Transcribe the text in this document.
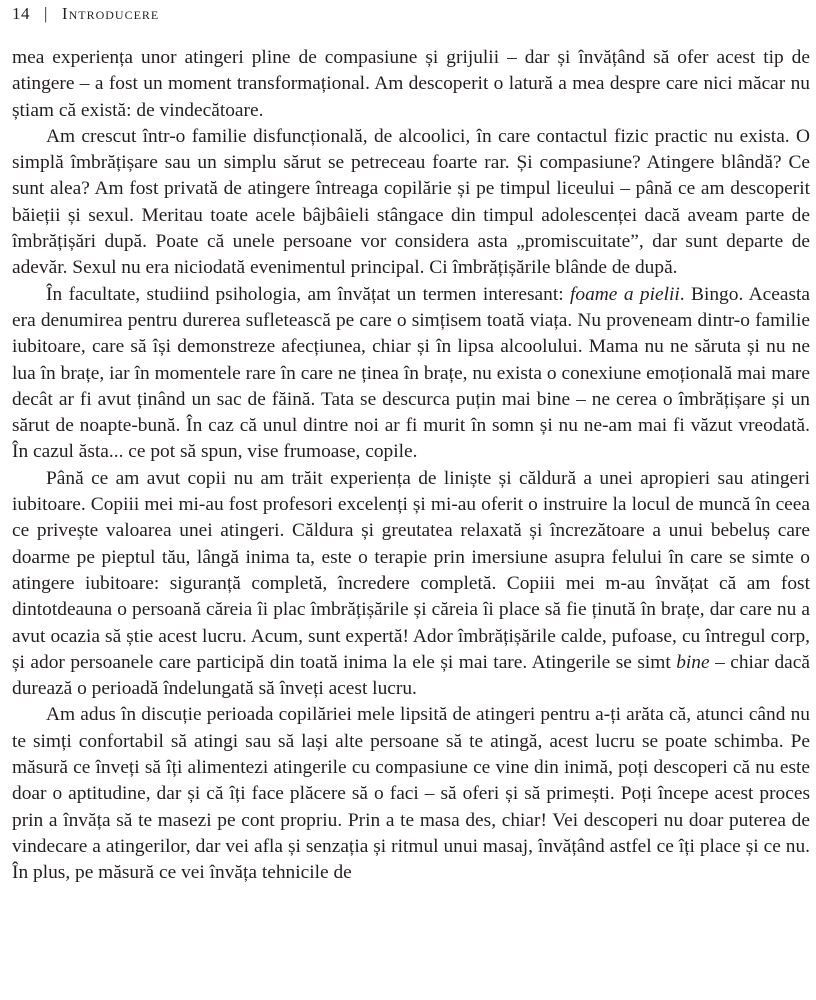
14 | Introducere

mea experiența unor atingeri pline de compasiune și grijulii – dar și învățând să ofer acest tip de atingere – a fost un moment transformațional. Am descoperit o latură a mea despre care nici măcar nu știam că există: de vindecătoare.

Am crescut într-o familie disfuncțională, de alcoolici, în care contactul fizic practic nu exista. O simplă îmbrățișare sau un simplu sărut se petreceau foarte rar. Și compasiune? Atingere blândă? Ce sunt alea? Am fost privată de atingere întreaga copilărie și pe timpul liceului – până ce am descoperit băieții și sexul. Meritau toate acele bâjbâieli stângace din timpul adolescenței dacă aveam parte de îmbrățișări după. Poate că unele persoane vor considera asta „promiscuitate”, dar sunt departe de adevăr. Sexul nu era niciodată evenimentul principal. Ci îmbrățișările blânde de după.

În facultate, studiind psihologia, am învățat un termen interesant: foame a pielii. Bingo. Aceasta era denumirea pentru durerea sufletească pe care o simțisem toată viața. Nu proveneam dintr-o familie iubitoare, care să își demonstreze afecțiunea, chiar și în lipsa alcoolului. Mama nu ne săruta și nu ne lua în brațe, iar în momentele rare în care ne ținea în brațe, nu exista o conexiune emoțională mai mare decât ar fi avut ținând un sac de făină. Tata se descurca puțin mai bine – ne cerea o îmbrățișare și un sărut de noapte-bună. În caz că unul dintre noi ar fi murit în somn și nu ne-am mai fi văzut vreodată. În cazul ăsta... ce pot să spun, vise frumoase, copile.

Până ce am avut copii nu am trăit experiența de liniște și căldură a unei apropieri sau atingeri iubitoare. Copiii mei mi-au fost profesori excelenți și mi-au oferit o instruire la locul de muncă în ceea ce privește valoarea unei atingeri. Căldura și greutatea relaxată și încrezătoare a unui bebeluș care doarme pe pieptul tău, lângă inima ta, este o terapie prin imersiune asupra felului în care se simte o atingere iubitoare: siguranță completă, încredere completă. Copiii mei m-au învățat că am fost dintotdeauna o persoană căreia îi plac îmbrățișările și căreia îi place să fie ținută în brațe, dar care nu a avut ocazia să știe acest lucru. Acum, sunt expertă! Ador îmbrățișările calde, pufoase, cu întregul corp, și ador persoanele care participă din toată inima la ele și mai tare. Atingerile se simt bine – chiar dacă durează o perioadă îndelungată să înveți acest lucru.

Am adus în discuție perioada copilăriei mele lipsită de atingeri pentru a-ți arăta că, atunci când nu te simți confortabil să atingi sau să lași alte persoane să te atingă, acest lucru se poate schimba. Pe măsură ce înveți să îți alimentezi atingerile cu compasiune ce vine din inimă, poți descoperi că nu este doar o aptitudine, dar și că îți face plăcere să o faci – să oferi și să primești. Poți începe acest proces prin a învăța să te masezi pe cont propriu. Prin a te masa des, chiar! Vei descoperi nu doar puterea de vindecare a atingerilor, dar vei afla și senzația și ritmul unui masaj, învățând astfel ce îți place și ce nu. În plus, pe măsură ce vei învăța tehnicile de
